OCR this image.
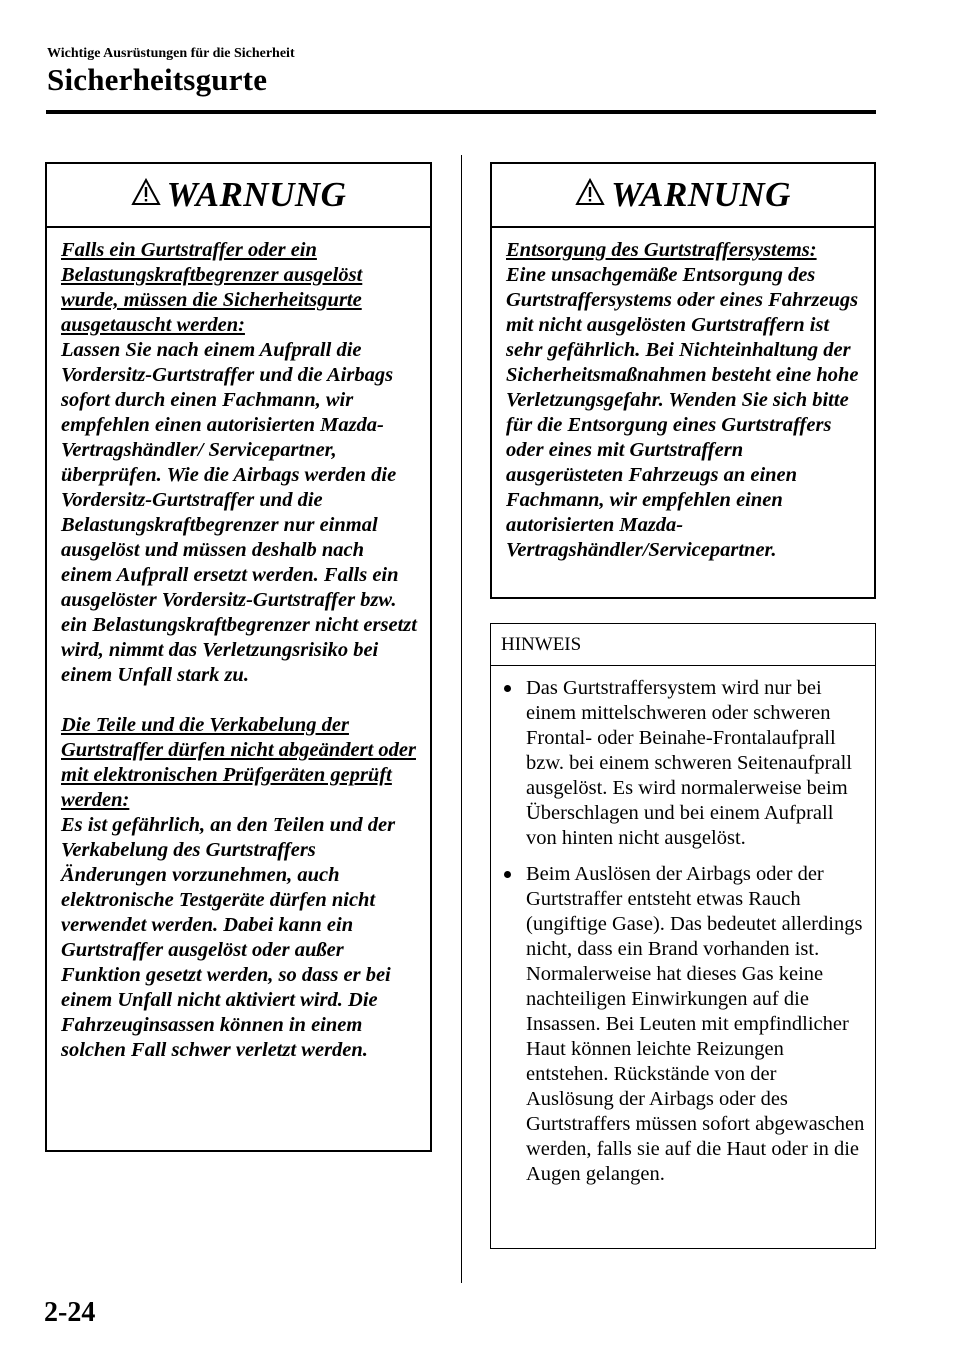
Wichtige Ausrüstungen für die Sicherheit
Sicherheitsgurte
WARNUNG

Falls ein Gurtstraffer oder ein Belastungskraftbegrenzer ausgelöst wurde, müssen die Sicherheitsgurte ausgetauscht werden:

Lassen Sie nach einem Aufprall die Vordersitz-Gurtstraffer und die Airbags sofort durch einen Fachmann, wir empfehlen einen autorisierten Mazda-Vertragshändler/ Servicepartner, überprüfen. Wie die Airbags werden die Vordersitz-Gurtstraffer und die Belastungskraftbegrenzer nur einmal ausgelöst und müssen deshalb nach einem Aufprall ersetzt werden. Falls ein ausgelöster Vordersitz-Gurtstraffer bzw. ein Belastungskraftbegrenzer nicht ersetzt wird, nimmt das Verletzungsrisiko bei einem Unfall stark zu.

Die Teile und die Verkabelung der Gurtstraffer dürfen nicht abgeändert oder mit elektronischen Prüfgeräten geprüft werden:

Es ist gefährlich, an den Teilen und der Verkabelung des Gurtstraffers Änderungen vorzunehmen, auch elektronische Testgeräte dürfen nicht verwendet werden. Dabei kann ein Gurtstraffer ausgelöst oder außer Funktion gesetzt werden, so dass er bei einem Unfall nicht aktiviert wird. Die Fahrzeuginsassen können in einem solchen Fall schwer verletzt werden.

WARNUNG

Entsorgung des Gurtstraffersystems:

Eine unsachgemäße Entsorgung des Gurtstraffersystems oder eines Fahrzeugs mit nicht ausgelösten Gurtstraffern ist sehr gefährlich. Bei Nichteinhaltung der Sicherheitsmaßnahmen besteht eine hohe Verletzungsgefahr. Wenden Sie sich bitte für die Entsorgung eines Gurtstraffers oder eines mit Gurtstraffern ausgerüsteten Fahrzeugs an einen Fachmann, wir empfehlen einen autorisierten Mazda-Vertragshändler/Servicepartner.

HINWEIS
Das Gurtstraffersystem wird nur bei einem mittelschweren oder schweren Frontal- oder Beinahe-Frontalaufprall bzw. bei einem schweren Seitenaufprall ausgelöst. Es wird normalerweise beim Überschlagen und bei einem Aufprall von hinten nicht ausgelöst.
Beim Auslösen der Airbags oder der Gurtstraffer entsteht etwas Rauch (ungiftige Gase). Das bedeutet allerdings nicht, dass ein Brand vorhanden ist. Normalerweise hat dieses Gas keine nachteiligen Einwirkungen auf die Insassen. Bei Leuten mit empfindlicher Haut können leichte Reizungen entstehen. Rückstände von der Auslösung der Airbags oder des Gurtstraffers müssen sofort abgewaschen werden, falls sie auf die Haut oder in die Augen gelangen.
2-24
